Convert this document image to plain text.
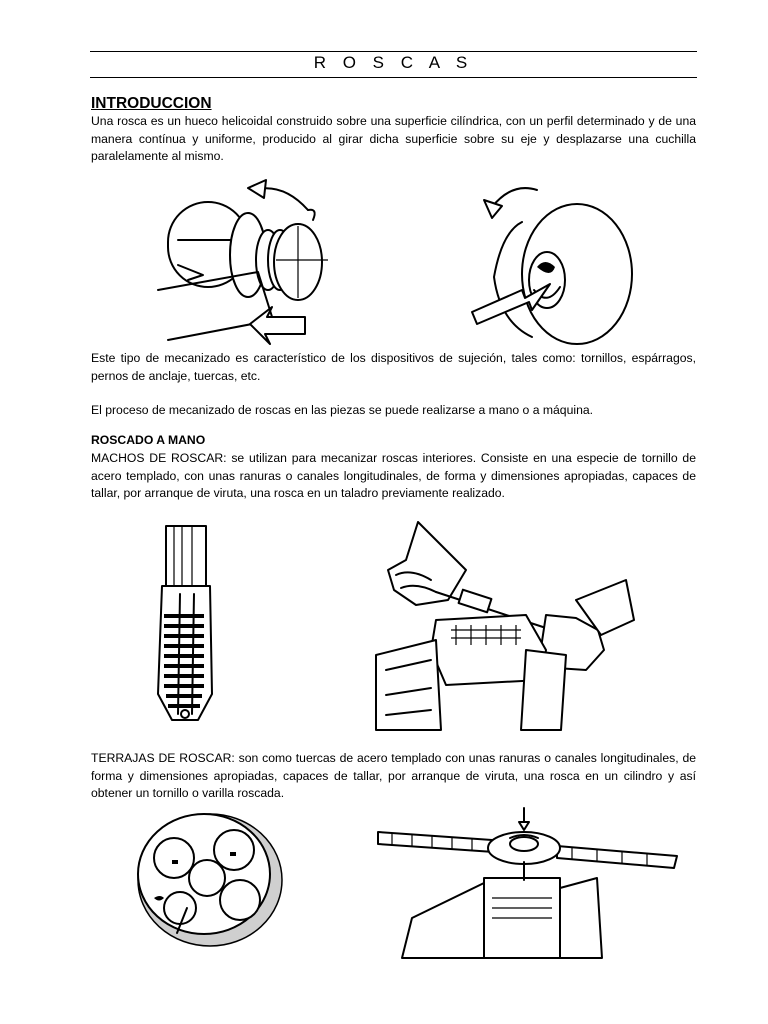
R O S C A S
INTRODUCCION
Una rosca es un hueco helicoidal construido sobre una superficie cilíndrica, con un perfil determinado y de una manera contínua y uniforme, producido al girar dicha superficie sobre su eje y desplazarse una cuchilla paralelamente al mismo.
Este tipo de mecanizado es característico de los dispositivos de sujeción, tales como: tornillos, espárragos, pernos de anclaje, tuercas, etc.
El proceso de mecanizado de roscas en las piezas se puede realizarse a mano o a máquina.
ROSCADO A MANO
MACHOS DE ROSCAR: se utilizan para mecanizar roscas interiores. Consiste en una especie de tornillo de acero templado, con unas ranuras o canales longitudinales, de forma y dimensiones apropiadas, capaces de tallar, por arranque de viruta, una rosca en un taladro previamente realizado.
TERRAJAS DE ROSCAR: son como tuercas de acero templado con unas ranuras o canales longitudinales, de forma y dimensiones apropiadas, capaces de tallar, por arranque de viruta, una rosca en un cilindro y así obtener un tornillo o varilla roscada.
